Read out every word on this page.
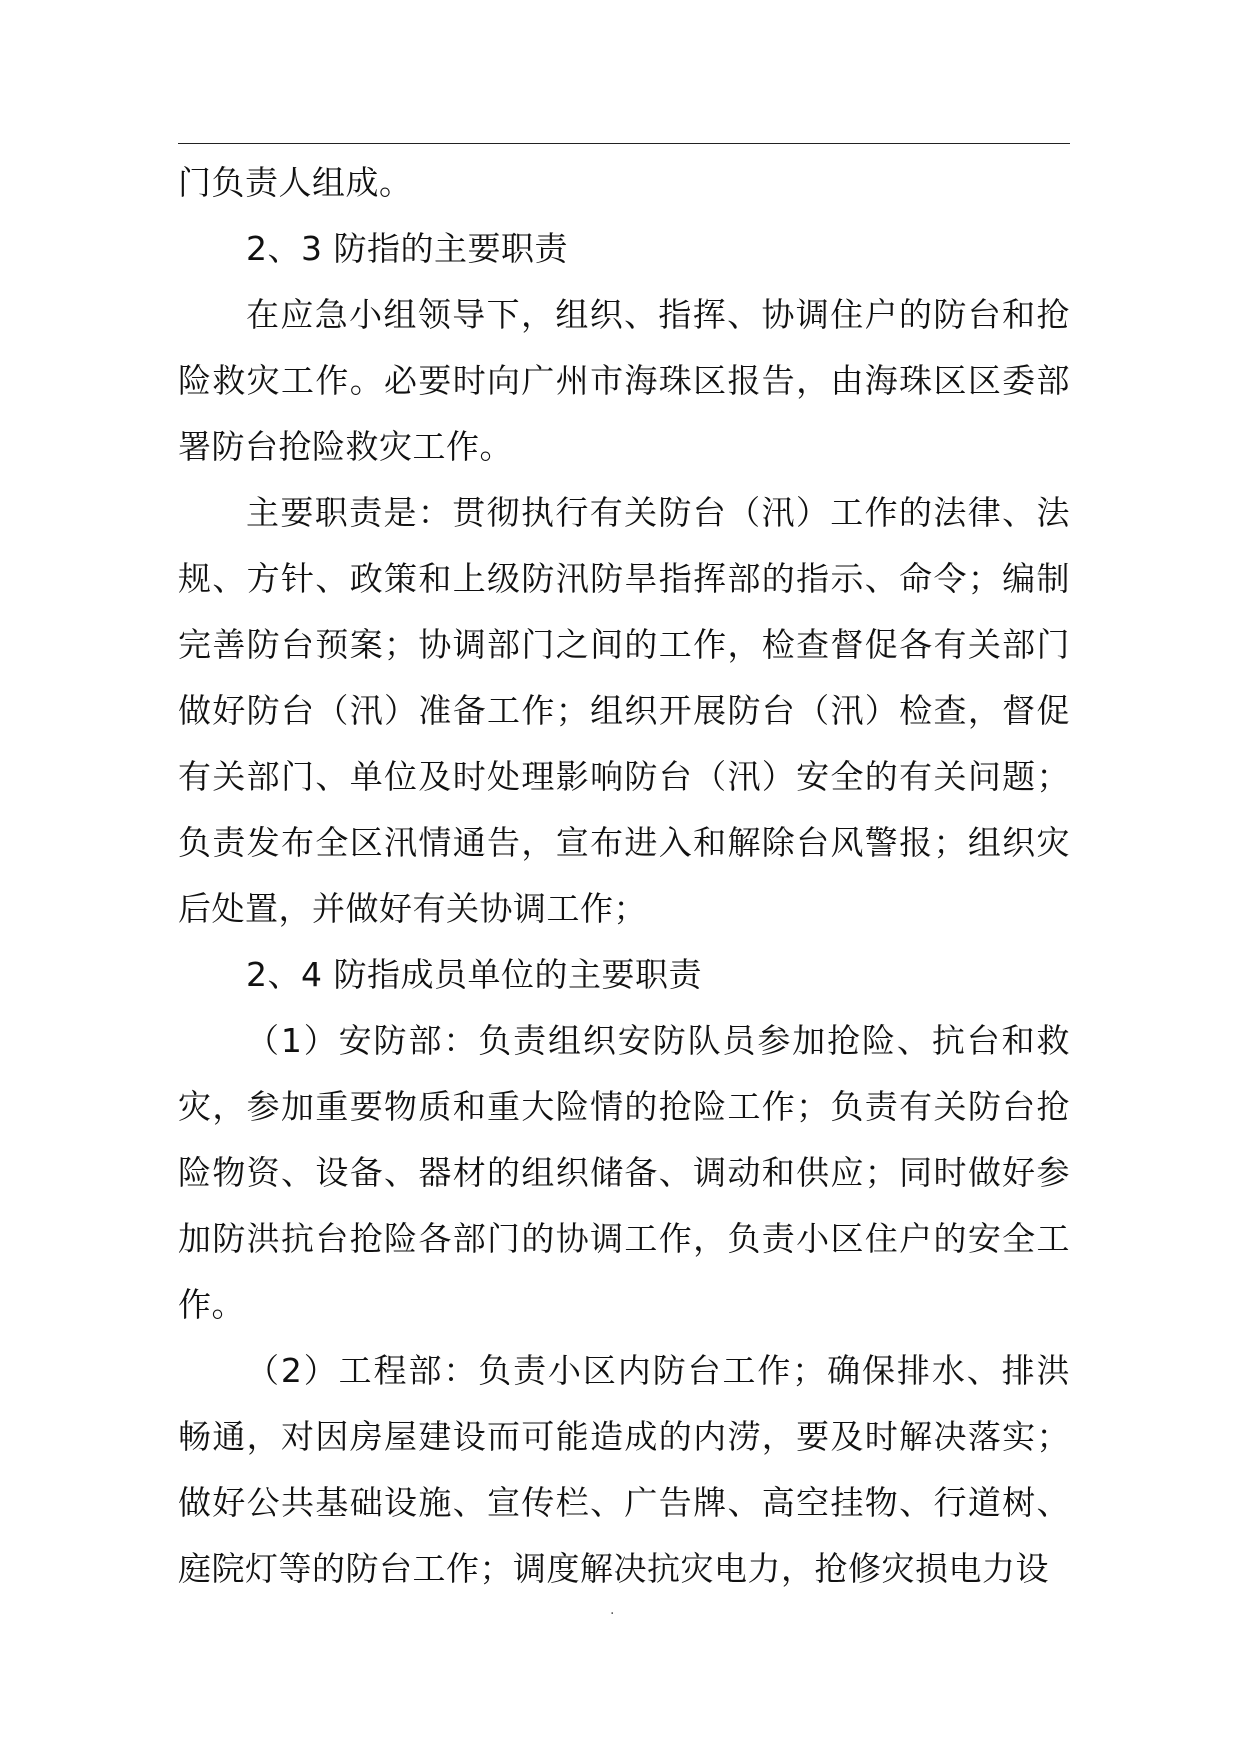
门负责人组成。

2、3 防指的主要职责

在应急小组领导下，组织、指挥、协调住户的防台和抢险救灾工作。必要时向广州市海珠区报告，由海珠区区委部署防台抢险救灾工作。

主要职责是：贯彻执行有关防台（汛）工作的法律、法规、方针、政策和上级防汛防旱指挥部的指示、命令；编制完善防台预案；协调部门之间的工作，检查督促各有关部门做好防台（汛）准备工作；组织开展防台（汛）检查，督促有关部门、单位及时处理影响防台（汛）安全的有关问题；负责发布全区汛情通告，宣布进入和解除台风警报；组织灾后处置，并做好有关协调工作；

2、4 防指成员单位的主要职责

（1）安防部：负责组织安防队员参加抢险、抗台和救灾，参加重要物质和重大险情的抢险工作；负责有关防台抢险物资、设备、器材的组织储备、调动和供应；同时做好参加防洪抗台抢险各部门的协调工作，负责小区住户的安全工作。

（2）工程部：负责小区内防台工作；确保排水、排洪畅通，对因房屋建设而可能造成的内涝，要及时解决落实；做好公共基础设施、宣传栏、广告牌、高空挂物、行道树、庭院灯等的防台工作；调度解决抗灾电力，抢修灾损电力设

·
